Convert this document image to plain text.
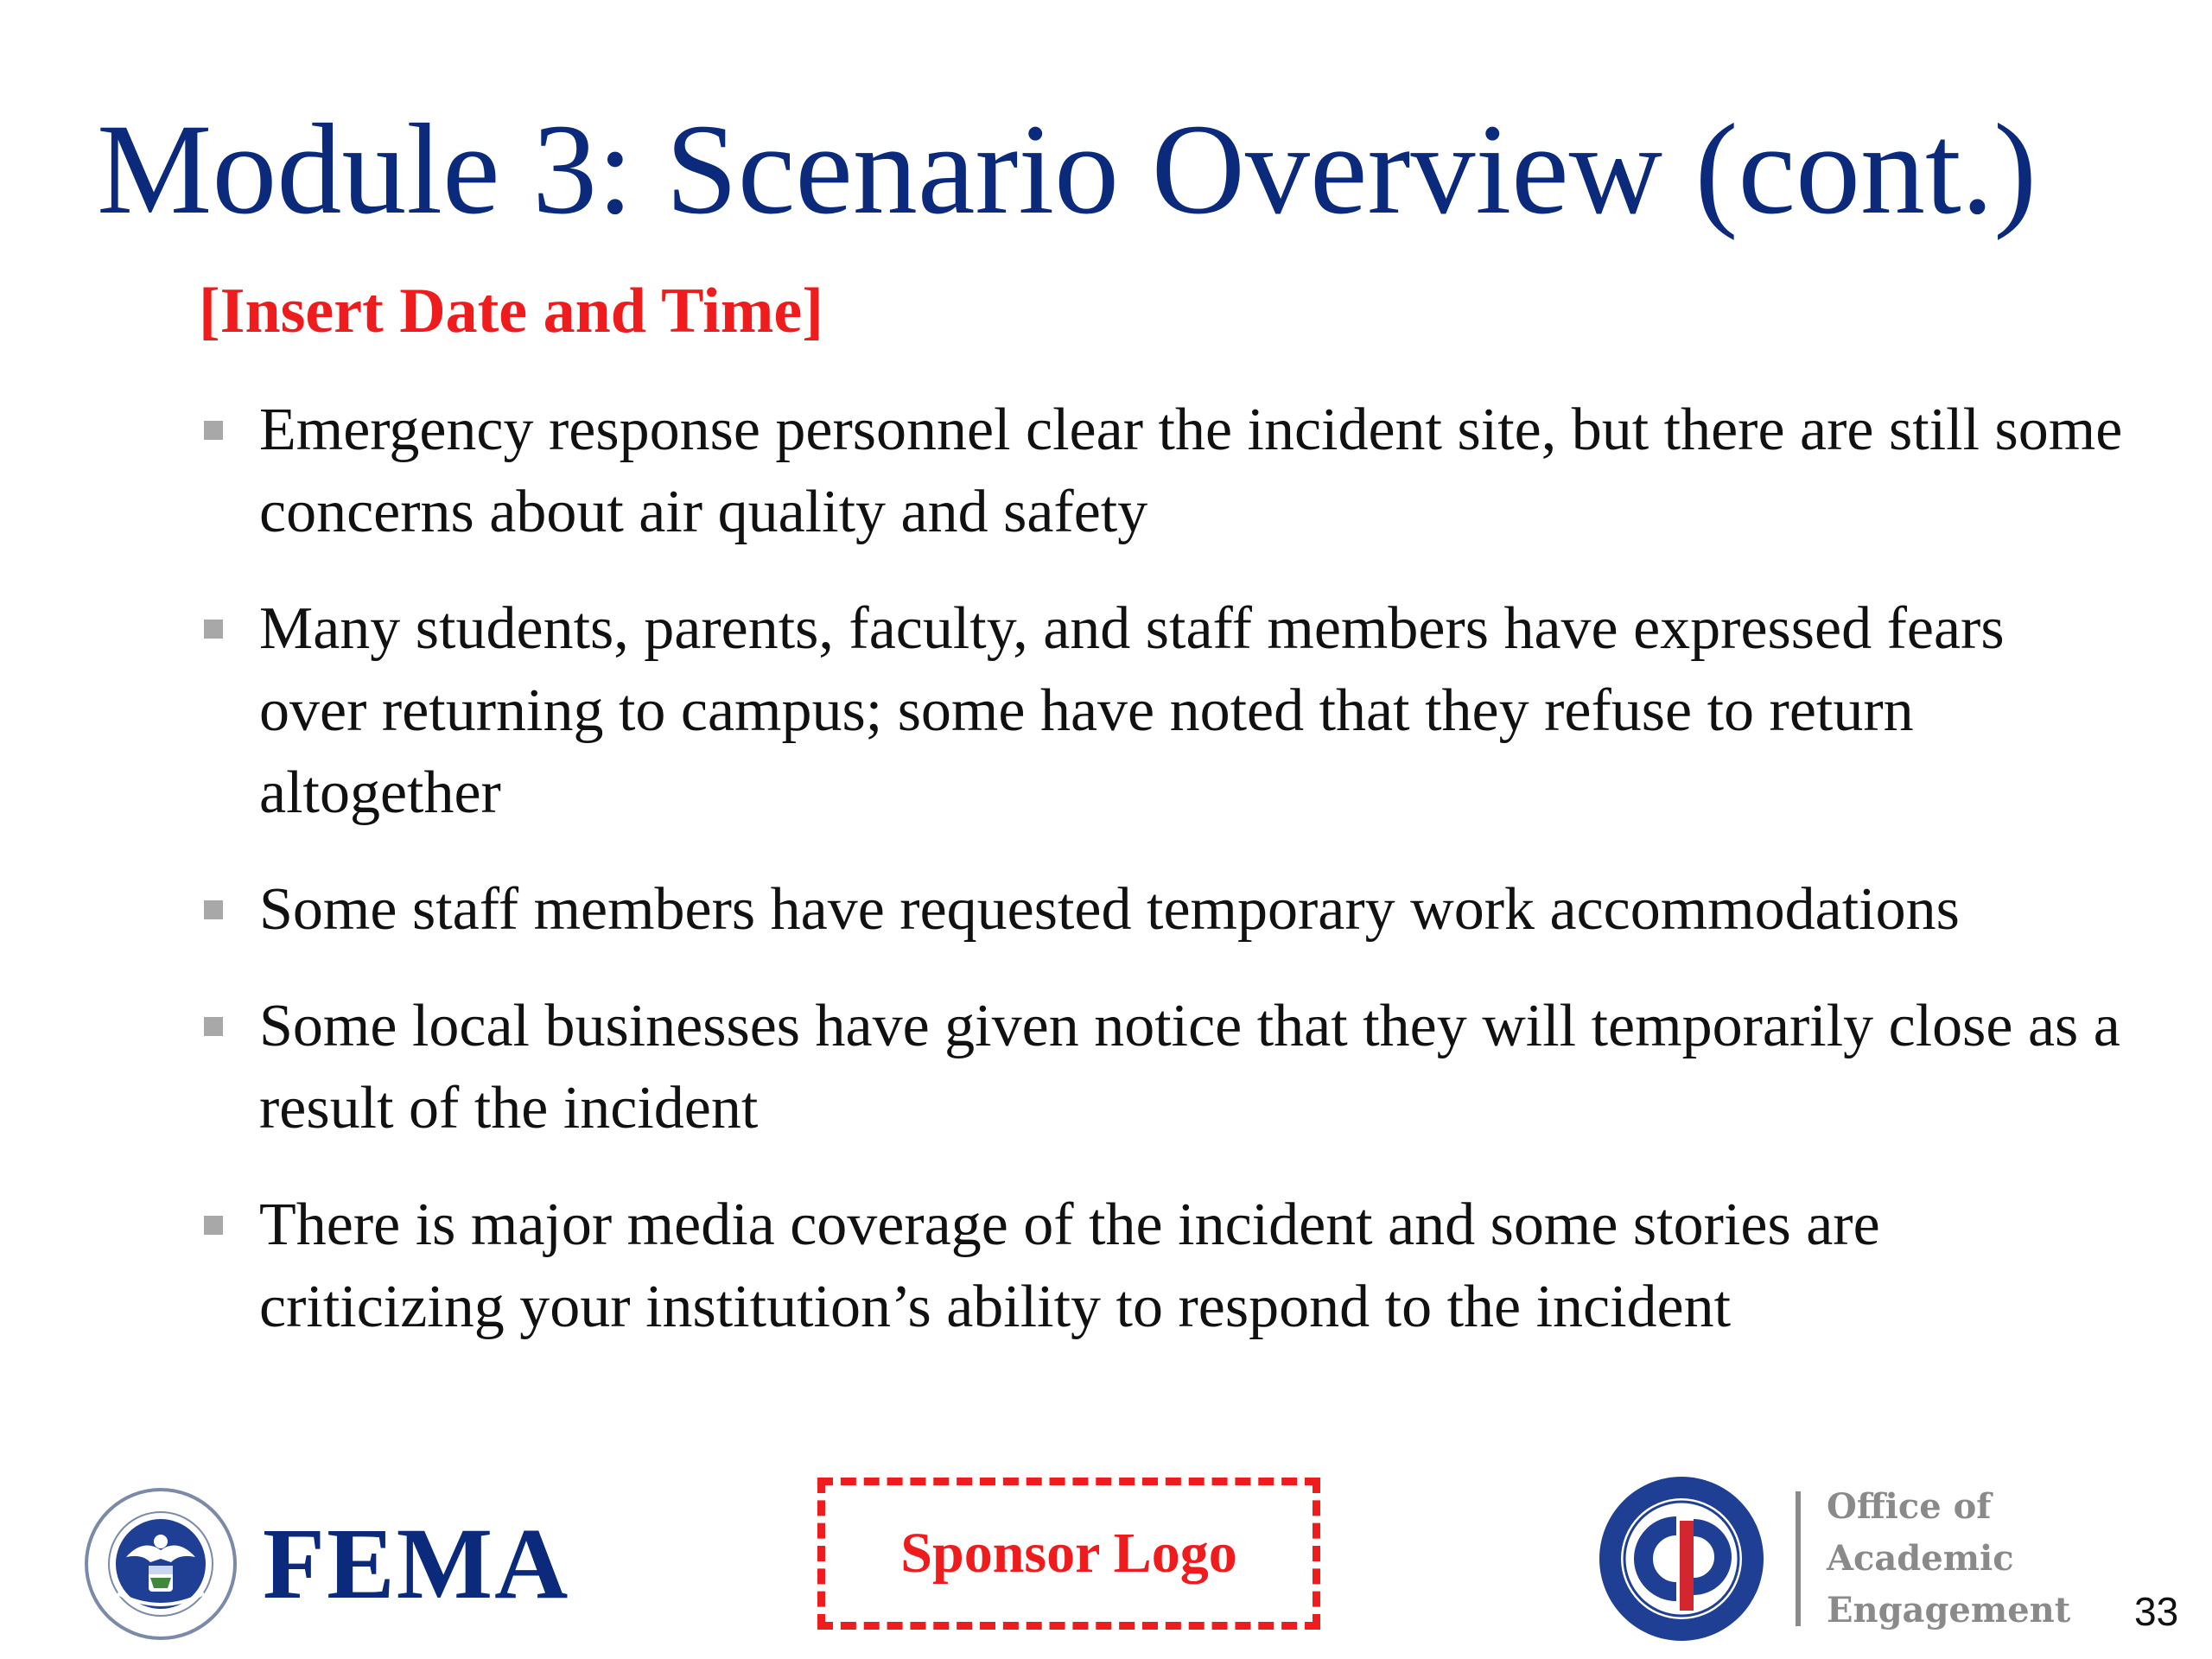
Module 3: Scenario Overview (cont.)
[Insert Date and Time]
Emergency response personnel clear the incident site, but there are still some concerns about air quality and safety
Many students, parents, faculty, and staff members have expressed fears over returning to campus; some have noted that they refuse to return altogether
Some staff members have requested temporary work accommodations
Some local businesses have given notice that they will temporarily close as a result of the incident
There is major media coverage of the incident and some stories are criticizing your institution’s ability to respond to the incident
FEMA	Sponsor Logo
Office of
Academic
Engagement 33
